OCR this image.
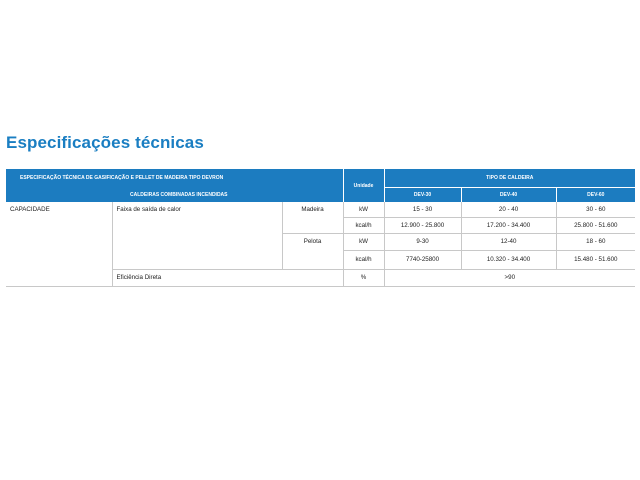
Especificações técnicas
ESPECIFICAÇÃO TÉCNICA DE GASIFICAÇÃO E PELLET DE MADEIRA TIPO DEVRON			Unidade	TIPO DE CALDEIRA		
CALDEIRAS COMBINADAS INCENDIDAS				DEV-30	DEV-40	DEV-60
CAPACIDADE	Faixa de saída de calor	Madeira	kW	15 - 30	20 - 40	30 - 60
			kcal/h	12.900 - 25.800	17.200 - 34.400	25.800 - 51.600
		Pelota	kW	9-30	12-40	18 - 60
			kcal/h	7740-25800	10.320 - 34.400	15.480 - 51.600
	Eficiência Direta		%	>90		
